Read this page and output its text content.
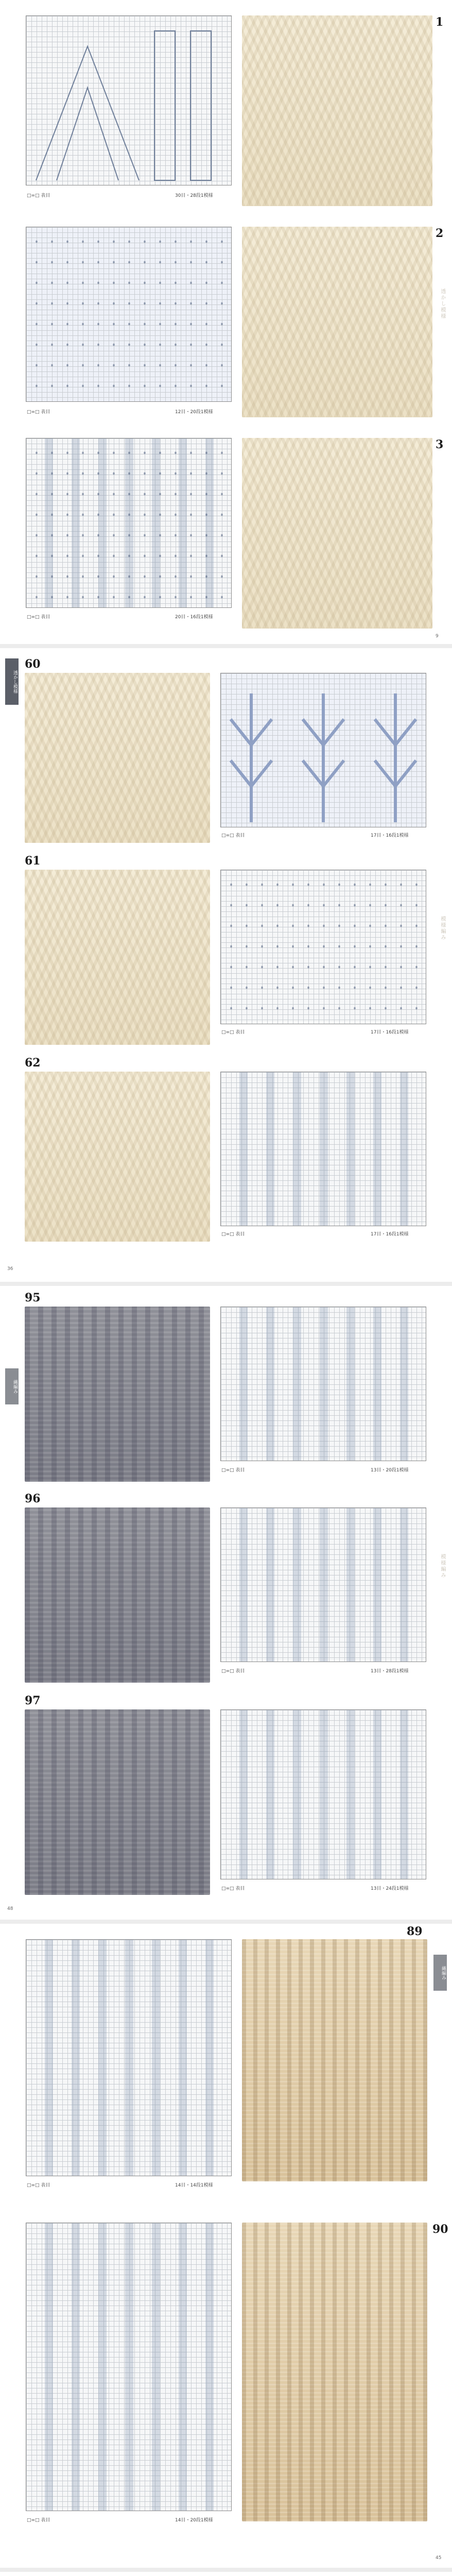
□=□ 表目	30目・28段1模様
1
□=□ 表目	12目・20段1模様
2
□=□ 表目	20目・16段1模様
3
9
透かし模様
透かし模様
60
□=□ 表目	17目・16段1模様
61
□=□ 表目	17目・16段1模様
62
□=□ 表目	17目・16段1模様
36
模様編み
縄編み
95
□=□ 表目	13目・20段1模様
96
□=□ 表目	13目・28段1模様
97
□=□ 表目	13目・24段1模様
48
模様編み
縄編み
□=□ 表目	14目・14段1模様
89
□=□ 表目	14目・20段1模様
90
45
